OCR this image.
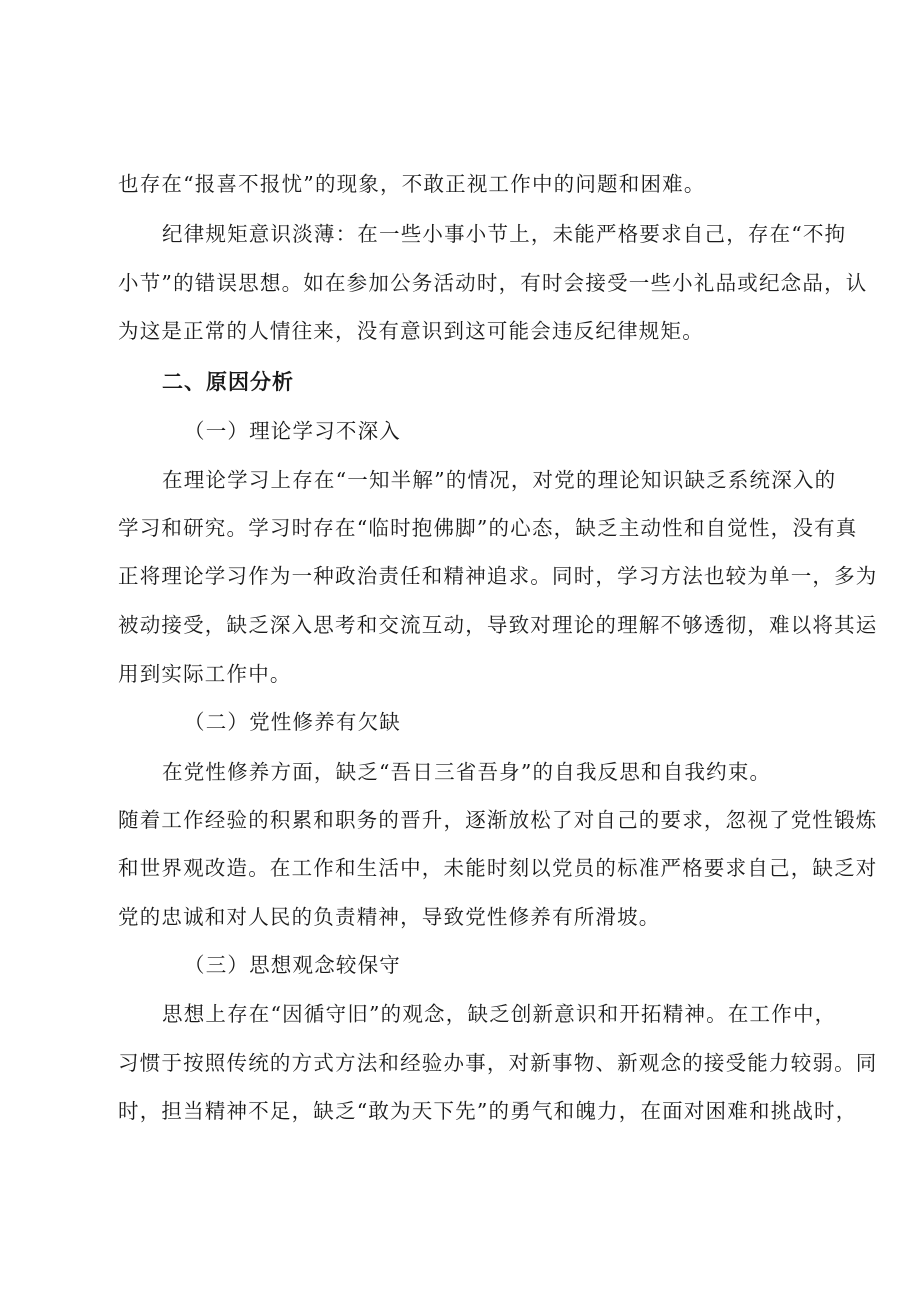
也存在“报喜不报忧”的现象，不敢正视工作中的问题和困难。
纪律规矩意识淡薄：在一些小事小节上，未能严格要求自己，存在“不拘
小节”的错误思想。如在参加公务活动时，有时会接受一些小礼品或纪念品，认
为这是正常的人情往来，没有意识到这可能会违反纪律规矩。
二、原因分析
（一）理论学习不深入
在理论学习上存在“一知半解”的情况，对党的理论知识缺乏系统深入的
学习和研究。学习时存在“临时抱佛脚”的心态，缺乏主动性和自觉性，没有真
正将理论学习作为一种政治责任和精神追求。同时，学习方法也较为单一，多为
被动接受，缺乏深入思考和交流互动，导致对理论的理解不够透彻，难以将其运
用到实际工作中。
（二）党性修养有欠缺
在党性修养方面，缺乏“吾日三省吾身”的自我反思和自我约束。
随着工作经验的积累和职务的晋升，逐渐放松了对自己的要求，忽视了党性锻炼
和世界观改造。在工作和生活中，未能时刻以党员的标准严格要求自己，缺乏对
党的忠诚和对人民的负责精神，导致党性修养有所滑坡。
（三）思想观念较保守
思想上存在“因循守旧”的观念，缺乏创新意识和开拓精神。在工作中，
习惯于按照传统的方式方法和经验办事，对新事物、新观念的接受能力较弱。同
时，担当精神不足，缺乏“敢为天下先”的勇气和魄力，在面对困难和挑战时，
